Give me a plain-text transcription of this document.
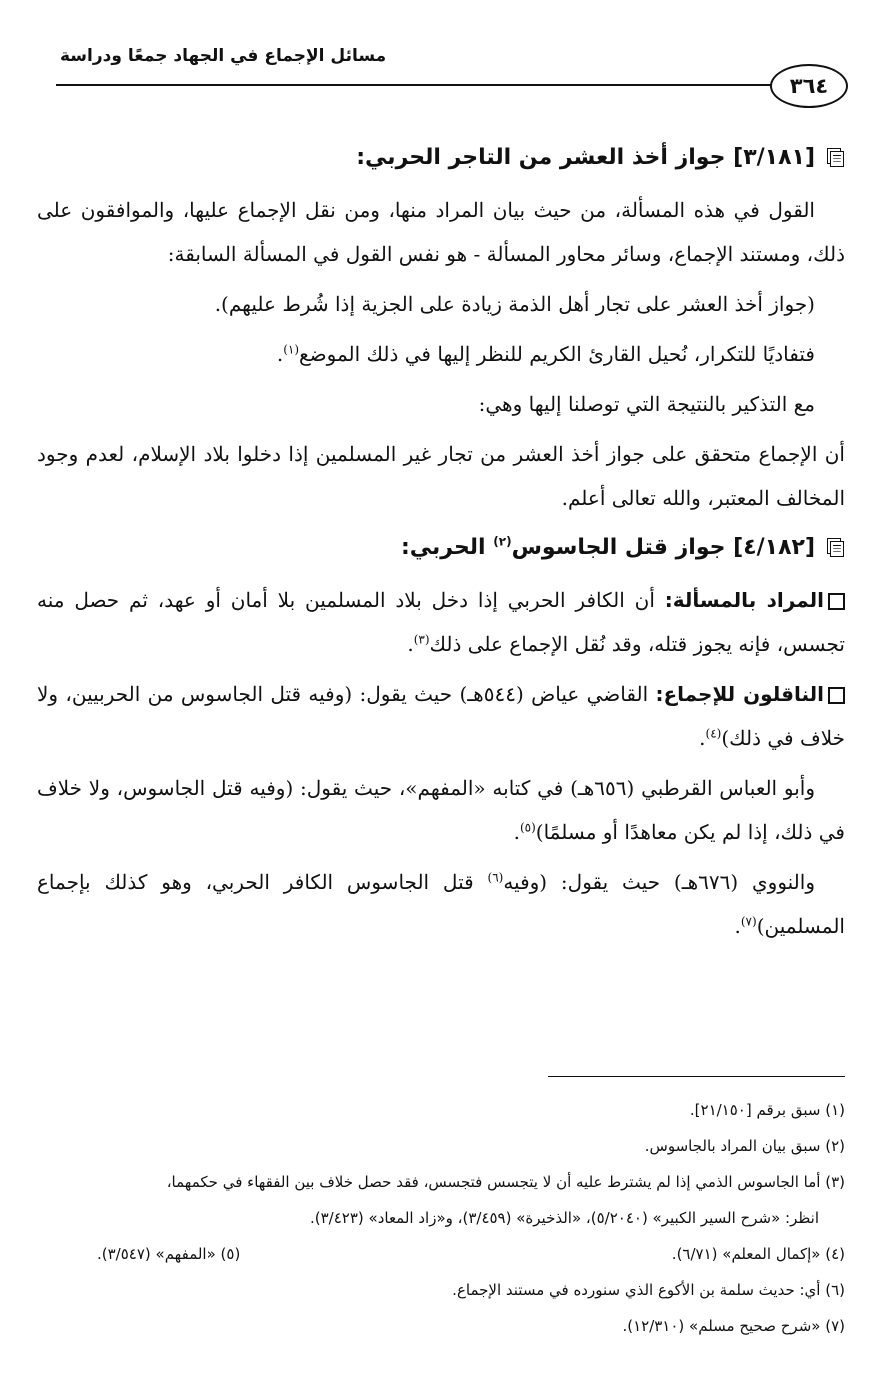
مسائل الإجماع في الجهاد جمعًا ودراسة
٣٦٤
[٣/١٨١] جواز أخذ العشر من التاجر الحربي:

القول في هذه المسألة، من حيث بيان المراد منها، ومن نقل الإجماع عليها، والموافقون على ذلك، ومستند الإجماع، وسائر محاور المسألة - هو نفس القول في المسألة السابقة:

(جواز أخذ العشر على تجار أهل الذمة زيادة على الجزية إذا شُرط عليهم).

فتفاديًا للتكرار، نُحيل القارئ الكريم للنظر إليها في ذلك الموضع$^{(١)}$.

مع التذكير بالنتيجة التي توصلنا إليها وهي:

أن الإجماع متحقق على جواز أخذ العشر من تجار غير المسلمين إذا دخلوا بلاد الإسلام، لعدم وجود المخالف المعتبر، والله تعالى أعلم.

[٤/١٨٢] جواز قتل الجاسوس$^{(٢)}$ الحربي:

المراد بالمسألة: أن الكافر الحربي إذا دخل بلاد المسلمين بلا أمان أو عهد، ثم حصل منه تجسس، فإنه يجوز قتله، وقد نُقل الإجماع على ذلك$^{(٣)}$.

الناقلون للإجماع: القاضي عياض (٥٤٤هـ) حيث يقول: (وفيه قتل الجاسوس من الحربيين، ولا خلاف في ذلك)$^{(٤)}$.

وأبو العباس القرطبي (٦٥٦هـ) في كتابه «المفهم»، حيث يقول: (وفيه قتل الجاسوس، ولا خلاف في ذلك، إذا لم يكن معاهدًا أو مسلمًا)$^{(٥)}$.

والنووي (٦٧٦هـ) حيث يقول: (وفيه$^{(٦)}$ قتل الجاسوس الكافر الحربي، وهو كذلك بإجماع المسلمين)$^{(٧)}$.

(١) سبق برقم [٢١/١٥٠].

(٢) سبق بيان المراد بالجاسوس.

(٣) أما الجاسوس الذمي إذا لم يشترط عليه أن لا يتجسس فتجسس، فقد حصل خلاف بين الفقهاء في حكمهما،

انظر: «شرح السير الكبير» (٥/٢٠٤٠)، «الذخيرة» (٣/٤٥٩)، و«زاد المعاد» (٣/٤٢٣).

(٤) «إكمال المعلم» (٦/٧١).

(٥) «المفهم» (٣/٥٤٧).

(٦) أي: حديث سلمة بن الأكوع الذي سنورده في مستند الإجماع.

(٧) «شرح صحيح مسلم» (١٢/٣١٠).
